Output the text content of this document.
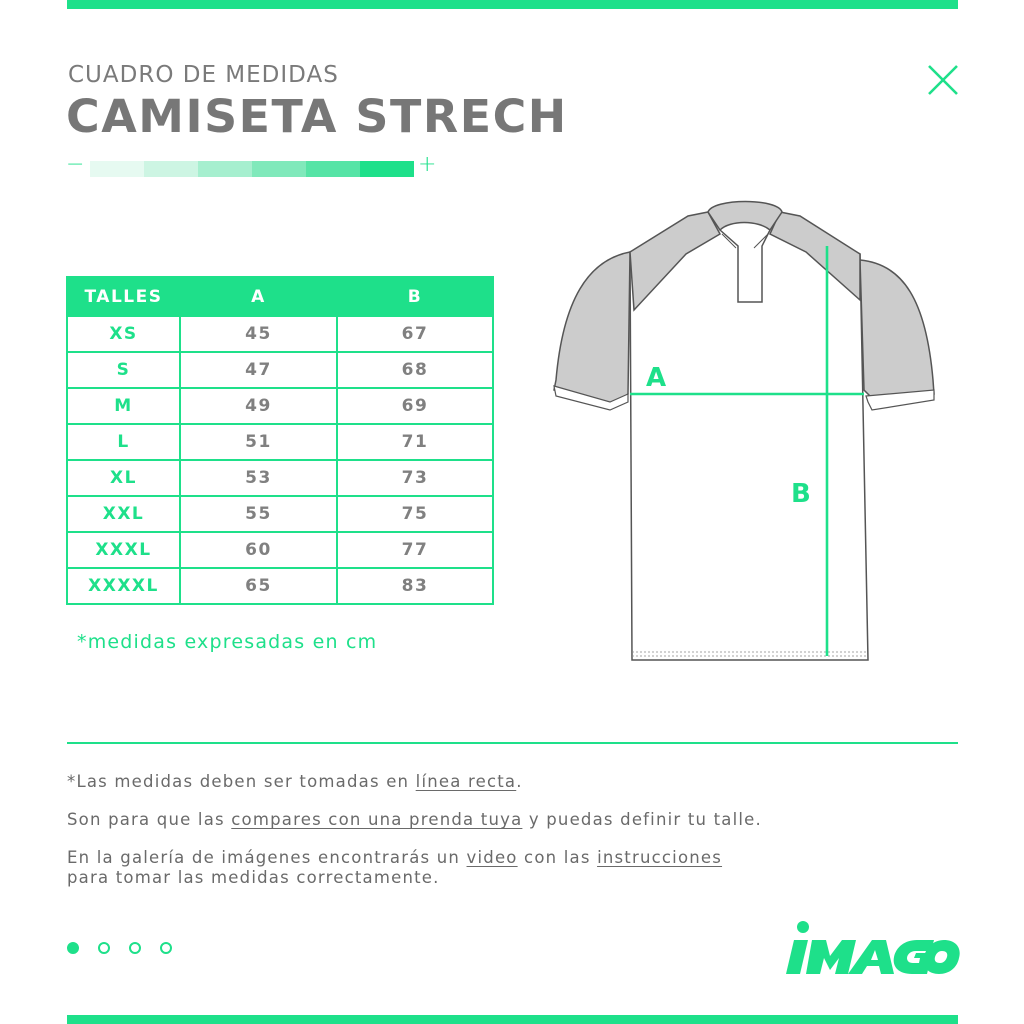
CUADRO DE MEDIDAS
CAMISETA STRECH
−	+
TALLES	A	B
XS	45	67
S	47	68
M	49	69
L	51	71
XL	53	73
XXL	55	75
XXXL	60	77
XXXXL	65	83

*medidas expresadas en cm

A
B

*Las medidas deben ser tomadas en línea recta.

Son para que las compares con una prenda tuya y puedas definir tu talle.

En la galería de imágenes encontrarás un video con las instrucciones
para tomar las medidas correctamente.
